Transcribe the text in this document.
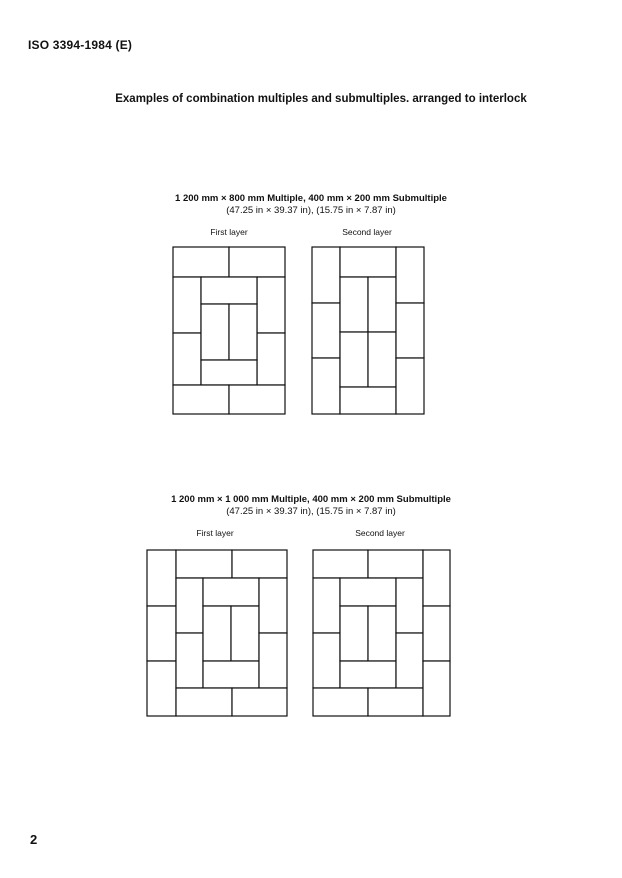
ISO 3394-1984 (E)
Examples of combination multiples and submultiples. arranged to interlock
1 200 mm × 800 mm Multiple, 400 mm × 200 mm Submultiple
(47.25 in × 39.37 in), (15.75 in × 7.87 in)
First layer	Second layer
1 200 mm × 1 000 mm Multiple, 400 mm × 200 mm Submultiple
(47.25 in × 39.37 in), (15.75 in × 7.87 in)
First layer	Second layer
2
